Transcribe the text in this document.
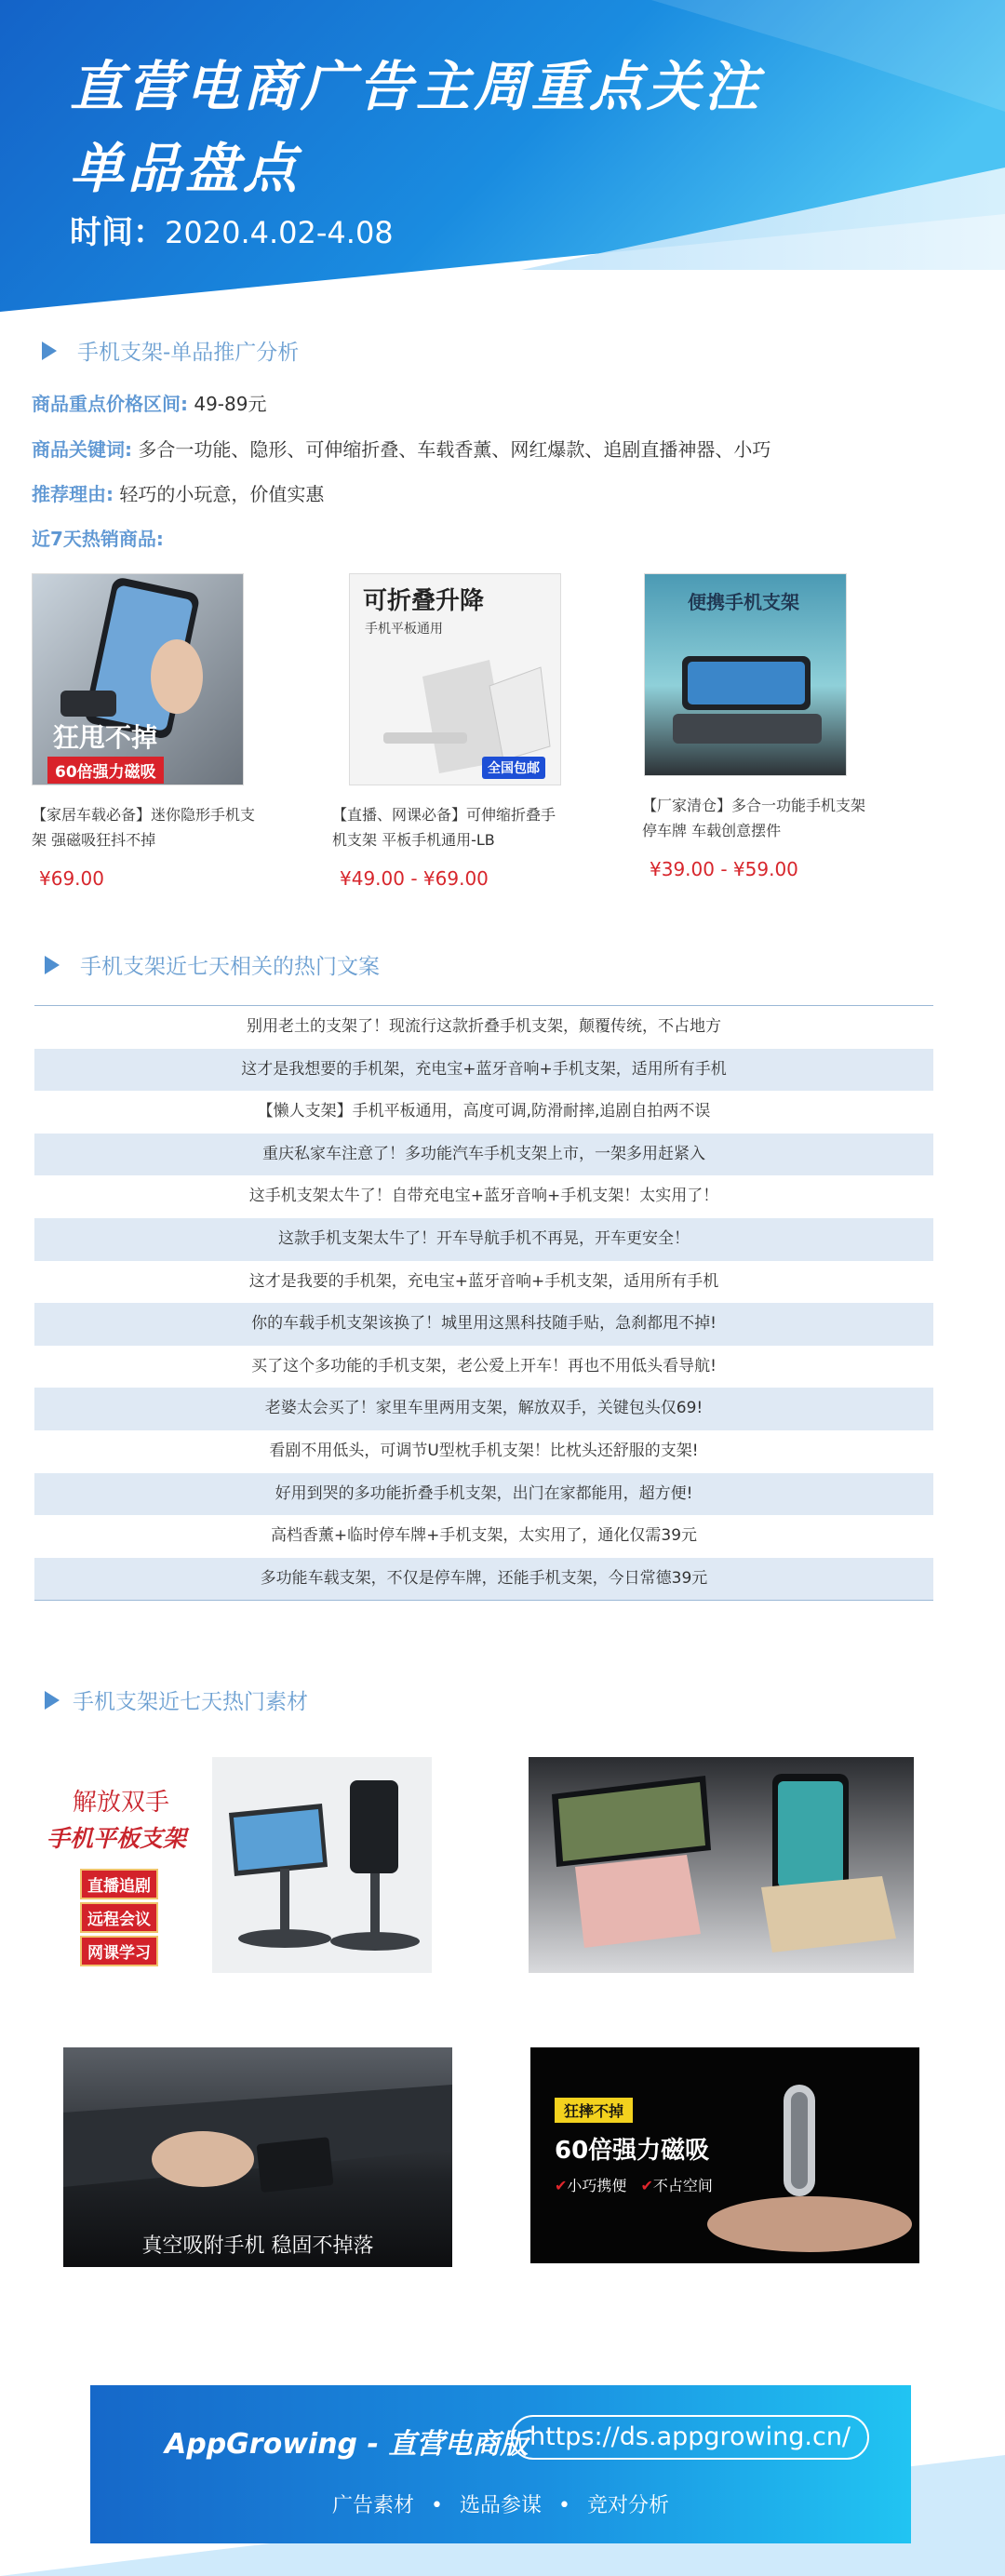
直营电商广告主周重点关注
单品盘点
时间：2020.4.02-4.08
手机支架-单品推广分析
商品重点价格区间: 49-89元
商品关键词: 多合一功能、隐形、可伸缩折叠、车载香薰、网红爆款、追剧直播神器、小巧
推荐理由: 轻巧的小玩意，价值实惠
近7天热销商品:
狂甩不掉
60倍强力磁吸
【家居车载必备】迷你隐形手机支架 强磁吸狂抖不掉
¥69.00
可折叠升降
手机平板通用
全国包邮
【直播、网课必备】可伸缩折叠手机支架 平板手机通用-LB
¥49.00 - ¥69.00
便携手机支架
【厂家清仓】多合一功能手机支架 停车牌 车载创意摆件
¥39.00 - ¥59.00
手机支架近七天相关的热门文案
别用老土的支架了！现流行这款折叠手机支架，颠覆传统，不占地方
这才是我想要的手机架，充电宝+蓝牙音响+手机支架，适用所有手机
【懒人支架】手机平板通用，高度可调,防滑耐摔,追剧自拍两不误
重庆私家车注意了！多功能汽车手机支架上市，一架多用赶紧入
这手机支架太牛了！自带充电宝+蓝牙音响+手机支架！太实用了！
这款手机支架太牛了！开车导航手机不再晃，开车更安全！
这才是我要的手机架，充电宝+蓝牙音响+手机支架，适用所有手机
你的车载手机支架该换了！城里用这黑科技随手贴，急刹都甩不掉!
买了这个多功能的手机支架，老公爱上开车！再也不用低头看导航!
老婆太会买了！家里车里两用支架，解放双手，关键包头仅69!
看剧不用低头，可调节U型枕手机支架！比枕头还舒服的支架!
好用到哭的多功能折叠手机支架，出门在家都能用，超方便!
高档香薰+临时停车牌+手机支架，太实用了，通化仅需39元
多功能车载支架，不仅是停车牌，还能手机支架，今日常德39元
手机支架近七天热门素材
解放双手
手机平板支架
直播追剧
远程会议
网课学习
真空吸附手机 稳固不掉落
狂摔不掉
60倍强力磁吸
✔小巧携便 ✔不占空间
AppGrowing - 直营电商版 https://ds.appgrowing.cn/
广告素材 • 选品参谋 • 竞对分析
